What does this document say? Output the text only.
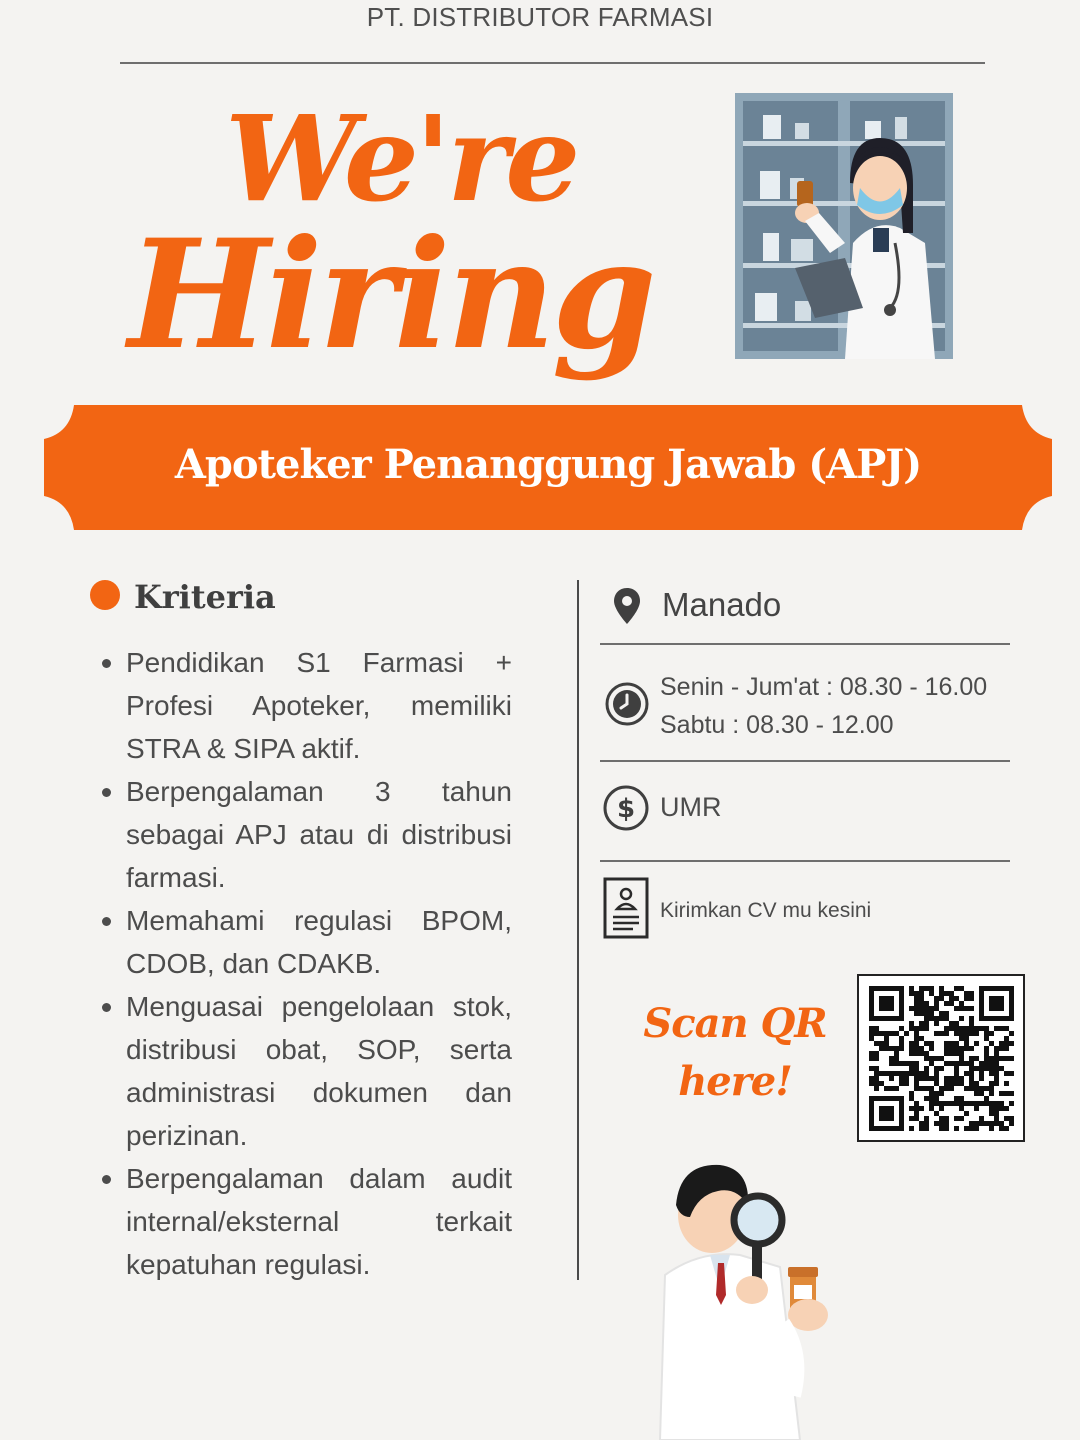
PT. DISTRIBUTOR FARMASI
We're
Hiring
Apoteker Penanggung Jawab (APJ)
Kriteria
Pendidikan S1 Farmasi + Profesi Apoteker, memiliki STRA & SIPA aktif.
Berpengalaman 3 tahun sebagai APJ atau di distribusi farmasi.
Memahami regulasi BPOM, CDOB, dan CDAKB.
Menguasai pengelolaan stok, distribusi obat, SOP, serta administrasi dokumen dan perizinan.
Berpengalaman dalam audit internal/eksternal terkait kepatuhan regulasi.
Manado
Senin - Jum'at : 08.30 - 16.00
Sabtu : 08.30 - 12.00
$ UMR
Kirimkan CV mu kesini
Scan QR
here!
